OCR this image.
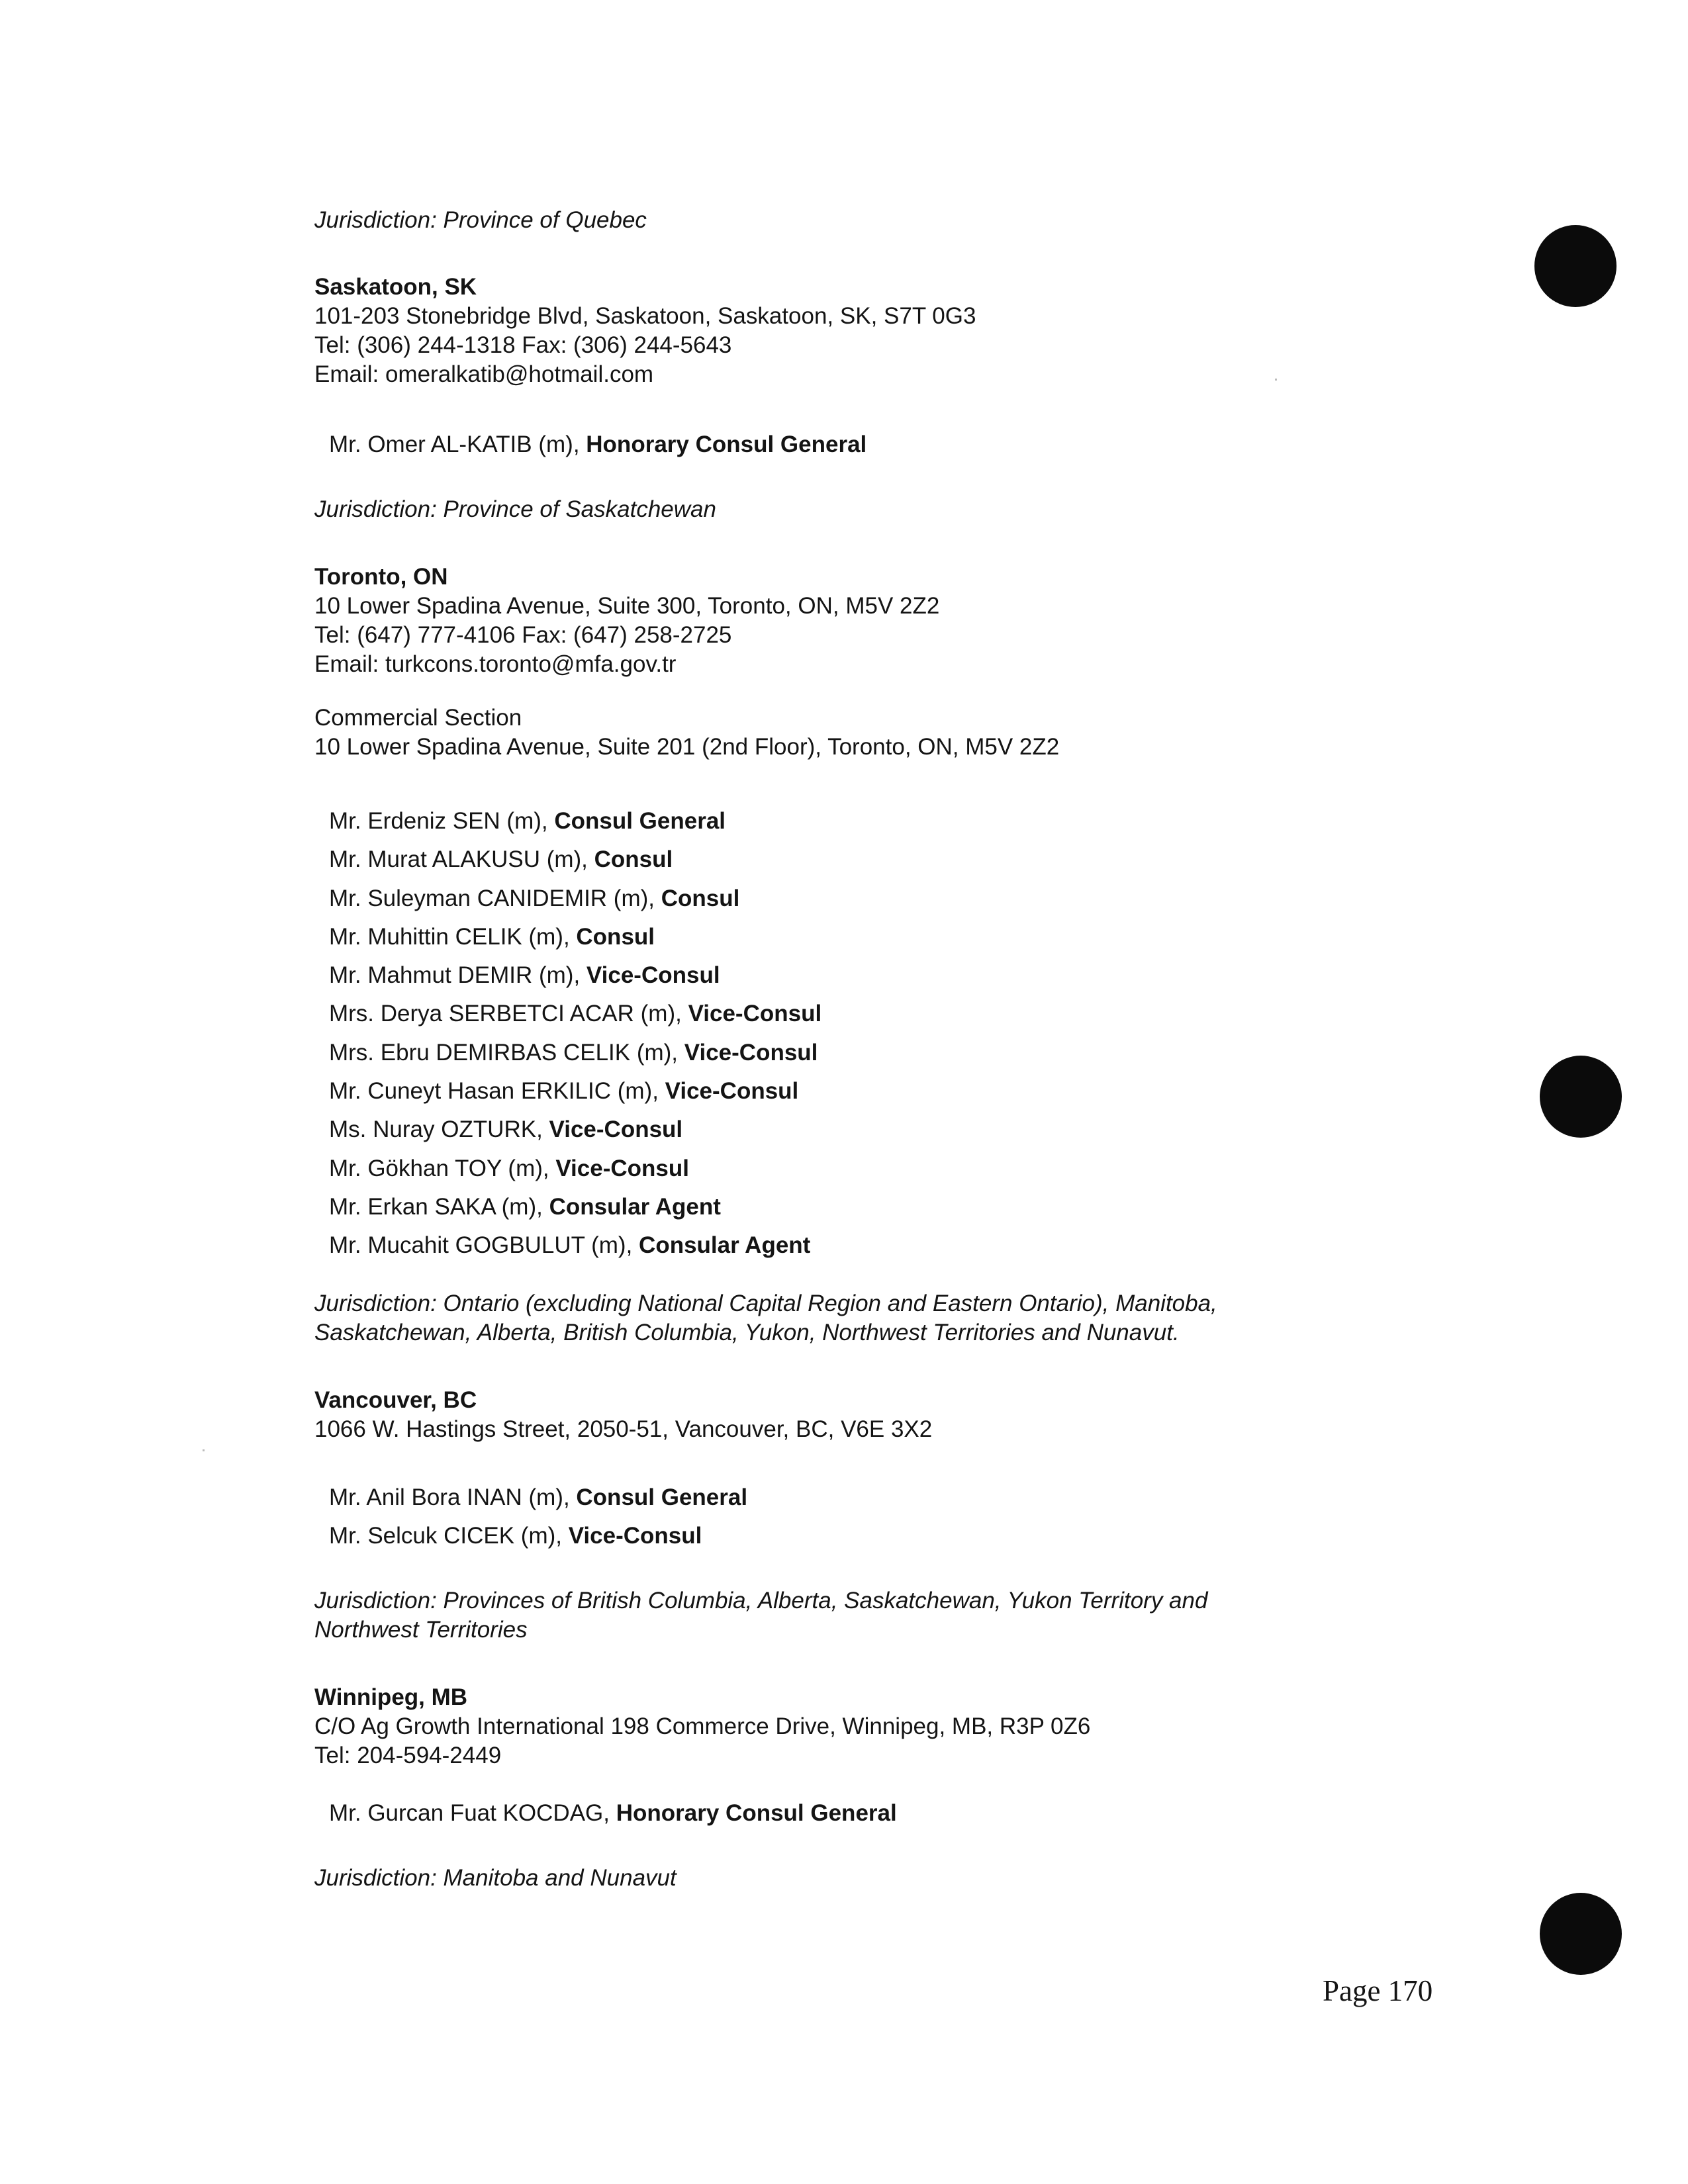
Jurisdiction: Province of Quebec
Saskatoon, SK
101-203 Stonebridge Blvd, Saskatoon, Saskatoon, SK, S7T 0G3
Tel: (306) 244-1318 Fax: (306) 244-5643
Email: omeralkatib@hotmail.com
Mr. Omer AL-KATIB (m), Honorary Consul General
Jurisdiction: Province of Saskatchewan
Toronto, ON
10 Lower Spadina Avenue, Suite 300, Toronto, ON, M5V 2Z2
Tel: (647) 777-4106 Fax: (647) 258-2725
Email: turkcons.toronto@mfa.gov.tr
Commercial Section
10 Lower Spadina Avenue, Suite 201 (2nd Floor), Toronto, ON, M5V 2Z2
Mr. Erdeniz SEN (m), Consul General
Mr. Murat ALAKUSU (m), Consul
Mr. Suleyman CANIDEMIR (m), Consul
Mr. Muhittin CELIK (m), Consul
Mr. Mahmut DEMIR (m), Vice-Consul
Mrs. Derya SERBETCI ACAR (m), Vice-Consul
Mrs. Ebru DEMIRBAS CELIK (m), Vice-Consul
Mr. Cuneyt Hasan ERKILIC (m), Vice-Consul
Ms. Nuray OZTURK, Vice-Consul
Mr. Gökhan TOY (m), Vice-Consul
Mr. Erkan SAKA (m), Consular Agent
Mr. Mucahit GOGBULUT (m), Consular Agent
Jurisdiction: Ontario (excluding National Capital Region and Eastern Ontario), Manitoba,
Saskatchewan, Alberta, British Columbia, Yukon, Northwest Territories and Nunavut.
Vancouver, BC
1066 W. Hastings Street, 2050-51, Vancouver, BC, V6E 3X2
Mr. Anil Bora INAN (m), Consul General
Mr. Selcuk CICEK (m), Vice-Consul
Jurisdiction: Provinces of British Columbia, Alberta, Saskatchewan, Yukon Territory and
Northwest Territories
Winnipeg, MB
C/O Ag Growth International 198 Commerce Drive, Winnipeg, MB, R3P 0Z6
Tel: 204-594-2449
Mr. Gurcan Fuat KOCDAG, Honorary Consul General
Jurisdiction: Manitoba and Nunavut
Page 170
